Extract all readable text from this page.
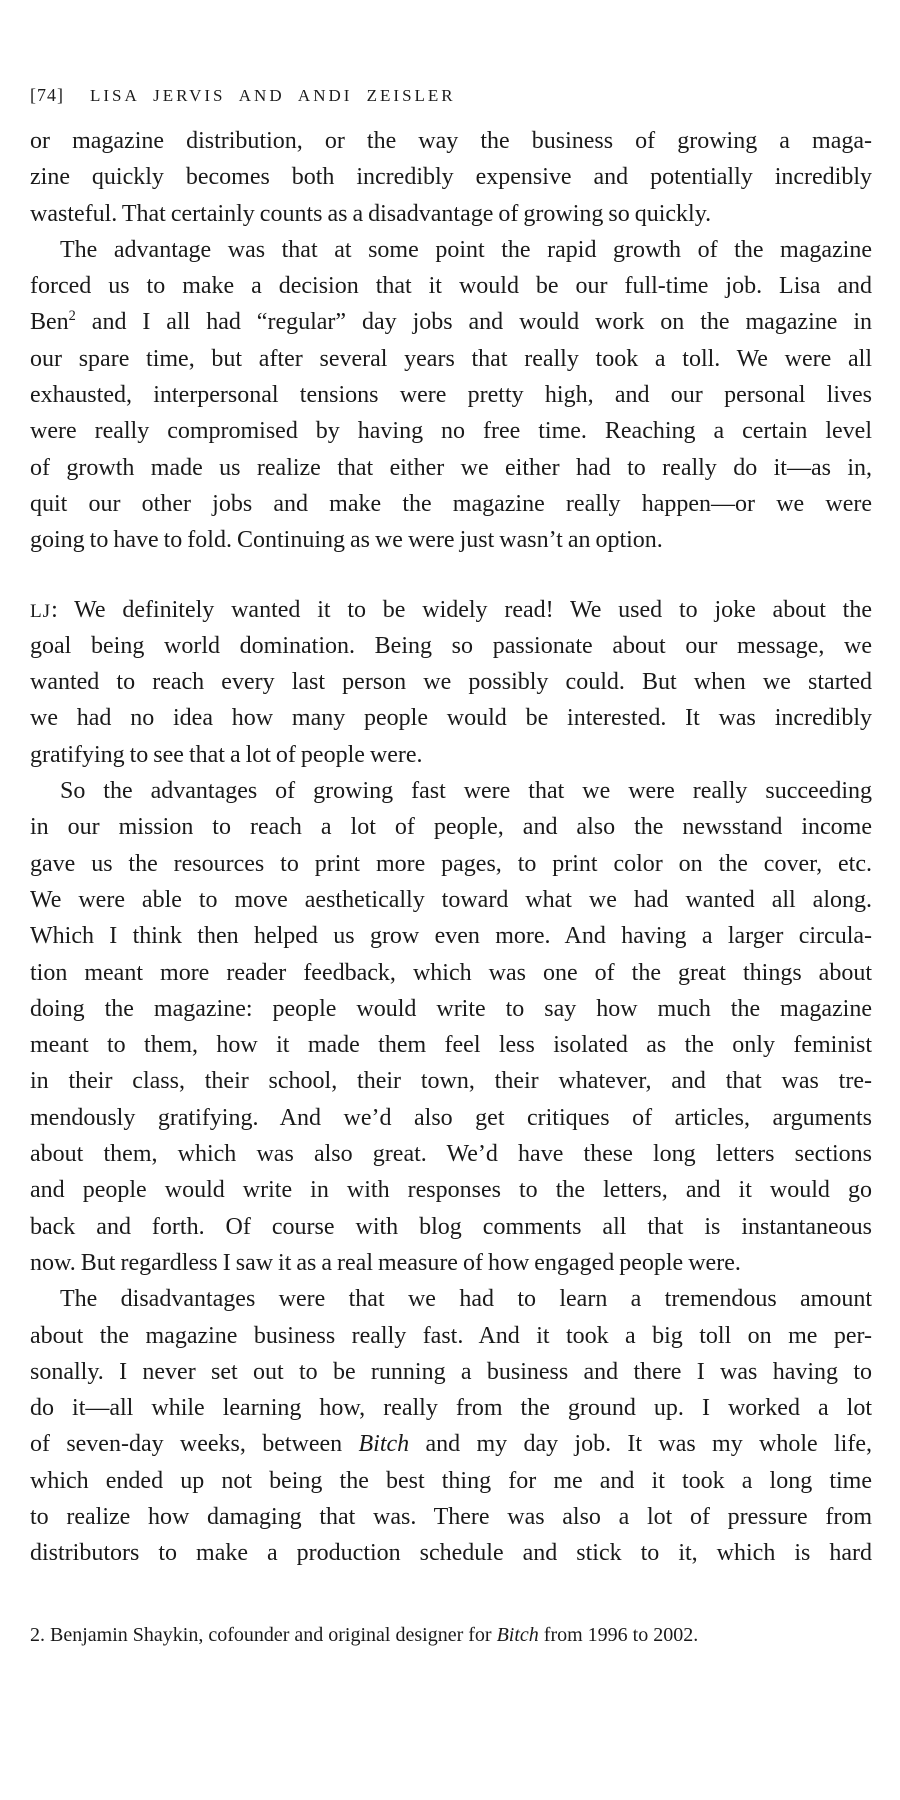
[74] LISA JERVIS AND ANDI ZEISLER
or magazine distribution, or the way the business of growing a maga-
zine quickly becomes both incredibly expensive and potentially incredibly
wasteful. That certainly counts as a disadvantage of growing so quickly.
The advantage was that at some point the rapid growth of the magazine
forced us to make a decision that it would be our full-time job. Lisa and
Ben$^2$ and I all had “regular” day jobs and would work on the magazine in
our spare time, but after several years that really took a toll. We were all
exhausted, interpersonal tensions were pretty high, and our personal lives
were really compromised by having no free time. Reaching a certain level
of growth made us realize that either we either had to really do it—as in,
quit our other jobs and make the magazine really happen—or we were
going to have to fold. Continuing as we were just wasn’t an option.
LJ: We definitely wanted it to be widely read! We used to joke about the
goal being world domination. Being so passionate about our message, we
wanted to reach every last person we possibly could. But when we started
we had no idea how many people would be interested. It was incredibly
gratifying to see that a lot of people were.
So the advantages of growing fast were that we were really succeeding
in our mission to reach a lot of people, and also the newsstand income
gave us the resources to print more pages, to print color on the cover, etc.
We were able to move aesthetically toward what we had wanted all along.
Which I think then helped us grow even more. And having a larger circula-
tion meant more reader feedback, which was one of the great things about
doing the magazine: people would write to say how much the magazine
meant to them, how it made them feel less isolated as the only feminist
in their class, their school, their town, their whatever, and that was tre-
mendously gratifying. And we’d also get critiques of articles, arguments
about them, which was also great. We’d have these long letters sections
and people would write in with responses to the letters, and it would go
back and forth. Of course with blog comments all that is instantaneous
now. But regardless I saw it as a real measure of how engaged people were.
The disadvantages were that we had to learn a tremendous amount
about the magazine business really fast. And it took a big toll on me per-
sonally. I never set out to be running a business and there I was having to
do it—all while learning how, really from the ground up. I worked a lot
of seven-day weeks, between Bitch and my day job. It was my whole life,
which ended up not being the best thing for me and it took a long time
to realize how damaging that was. There was also a lot of pressure from
distributors to make a production schedule and stick to it, which is hard
2. Benjamin Shaykin, cofounder and original designer for Bitch from 1996 to 2002.
